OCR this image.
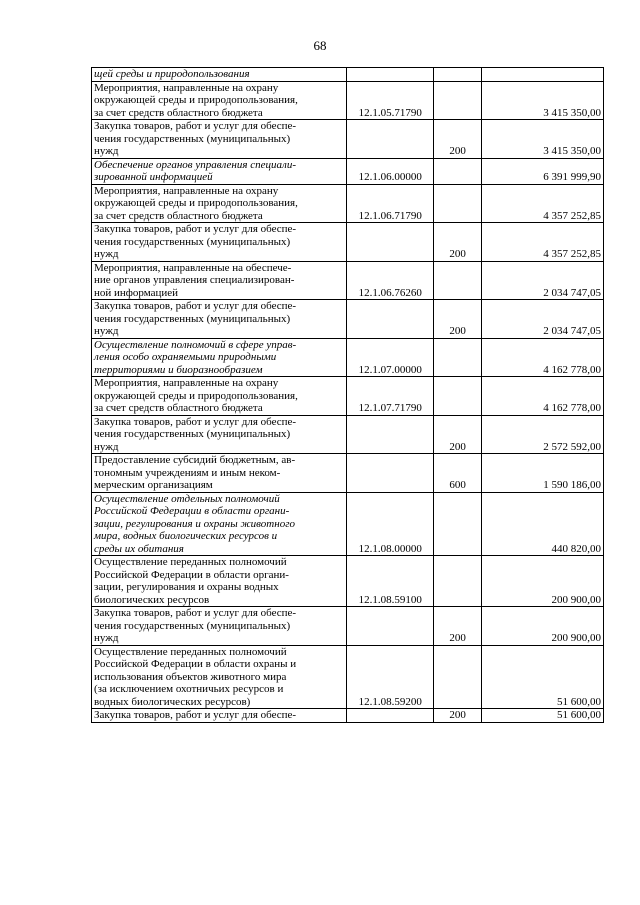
68
щей среды и природопользования			
Мероприятия, направленные на охрану
окружающей среды и природопользования,
за счет средств областного бюджета	12.1.05.71790		3 415 350,00
Закупка товаров, работ и услуг для обеспе-
чения государственных (муниципальных)
нужд		200	3 415 350,00
Обеспечение органов управления специали-
зированной информацией	12.1.06.00000		6 391 999,90
Мероприятия, направленные на охрану
окружающей среды и природопользования,
за счет средств областного бюджета	12.1.06.71790		4 357 252,85
Закупка товаров, работ и услуг для обеспе-
чения государственных (муниципальных)
нужд		200	4 357 252,85
Мероприятия, направленные на обеспече-
ние органов управления специализирован-
ной информацией	12.1.06.76260		2 034 747,05
Закупка товаров, работ и услуг для обеспе-
чения государственных (муниципальных)
нужд		200	2 034 747,05
Осуществление полномочий в сфере управ-
ления особо охраняемыми природными
территориями и биоразнообразием	12.1.07.00000		4 162 778,00
Мероприятия, направленные на охрану
окружающей среды и природопользования,
за счет средств областного бюджета	12.1.07.71790		4 162 778,00
Закупка товаров, работ и услуг для обеспе-
чения государственных (муниципальных)
нужд		200	2 572 592,00
Предоставление субсидий бюджетным, ав-
тономным учреждениям и иным неком-
мерческим организациям		600	1 590 186,00
Осуществление отдельных полномочий
Российской Федерации в области органи-
зации, регулирования и охраны животного
мира, водных биологических ресурсов и
среды их обитания	12.1.08.00000		440 820,00
Осуществление переданных полномочий
Российской Федерации в области органи-
зации, регулирования и охраны водных
биологических ресурсов	12.1.08.59100		200 900,00
Закупка товаров, работ и услуг для обеспе-
чения государственных (муниципальных)
нужд		200	200 900,00
Осуществление переданных полномочий
Российской Федерации в области охраны и
использования объектов животного мира
(за исключением охотничьих ресурсов и
водных биологических ресурсов)	12.1.08.59200		51 600,00
Закупка товаров, работ и услуг для обеспе-		200	51 600,00
